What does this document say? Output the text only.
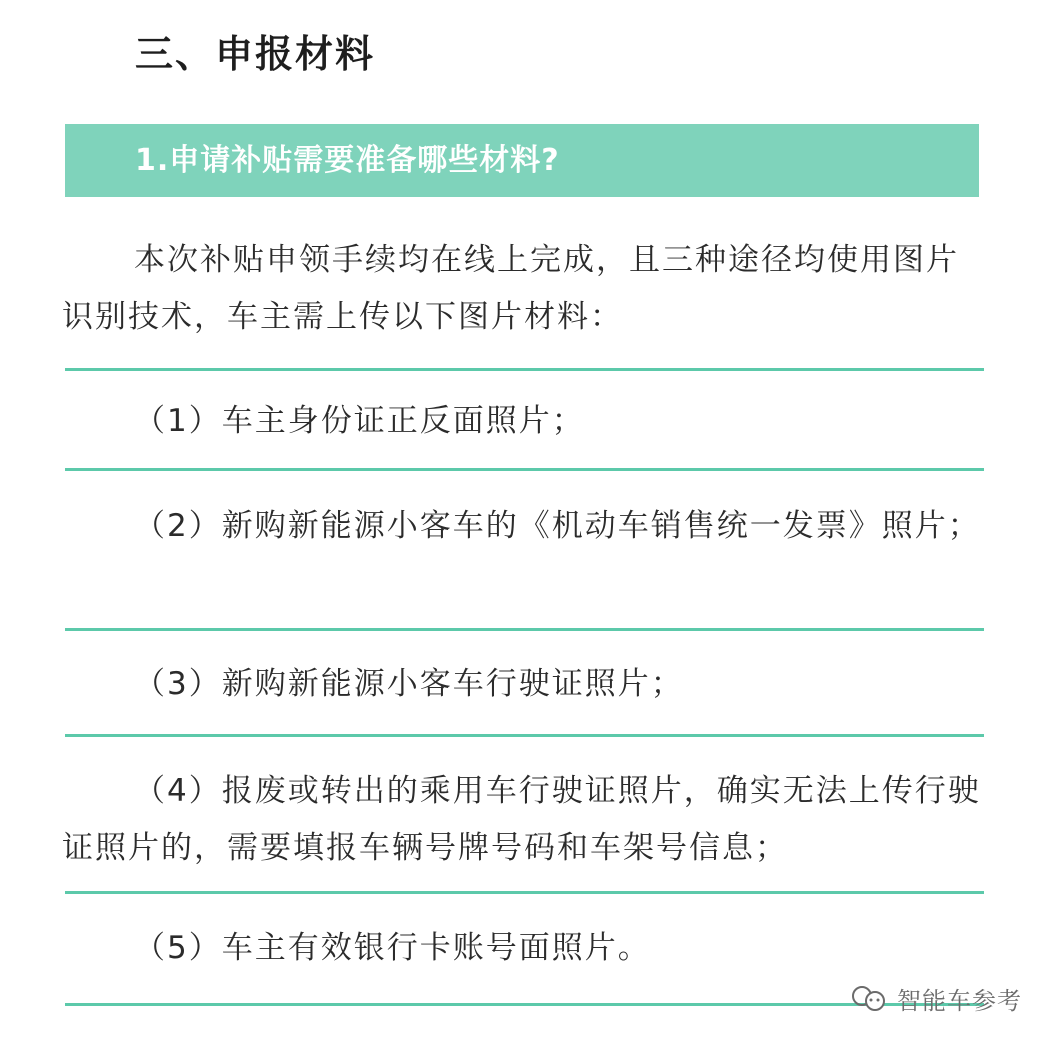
三、申报材料
1.申请补贴需要准备哪些材料?

本次补贴申领手续均在线上完成，且三种途径均使用图片识别技术，车主需上传以下图片材料：

（1）车主身份证正反面照片；

（2）新购新能源小客车的《机动车销售统一发票》照片；

（3）新购新能源小客车行驶证照片；

（4）报废或转出的乘用车行驶证照片，确实无法上传行驶证照片的，需要填报车辆号牌号码和车架号信息；

（5）车主有效银行卡账号面照片。

智能车参考
